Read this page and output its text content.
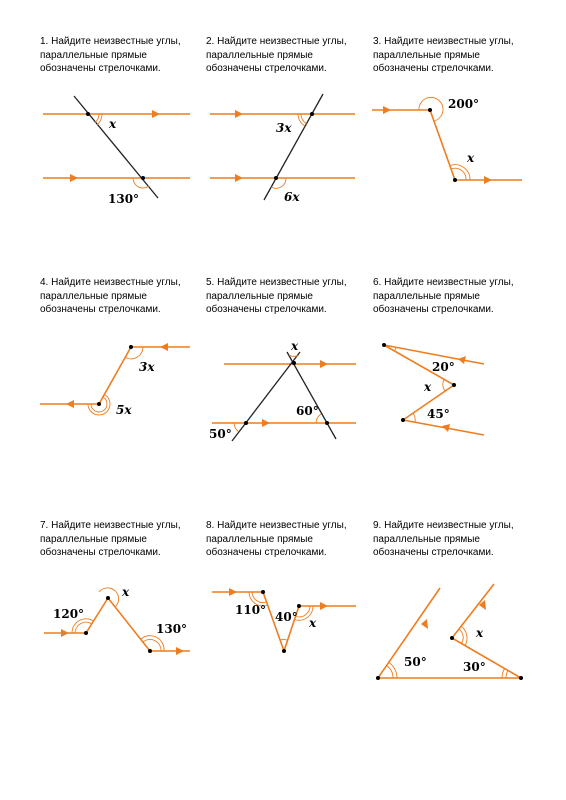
1. Найдите неизвестные углы,
параллельные прямые
обозначены стрелочками.
2. Найдите неизвестные углы,
параллельные прямые
обозначены стрелочками.
3. Найдите неизвестные углы,
параллельные прямые
обозначены стрелочками.
4. Найдите неизвестные углы,
параллельные прямые
обозначены стрелочками.
5. Найдите неизвестные углы,
параллельные прямые
обозначены стрелочками.
6. Найдите неизвестные углы,
параллельные прямые
обозначены стрелочками.
7. Найдите неизвестные углы,
параллельные прямые
обозначены стрелочками.
8. Найдите неизвестные углы,
параллельные прямые
обозначены стрелочками.
9. Найдите неизвестные углы,
параллельные прямые
обозначены стрелочками.
x
130°
3x
6x
200°
x
3x
5x
x
60°
50°
20°
x
45°
x
120°
130°
110° 40° x
x
50°	30°
